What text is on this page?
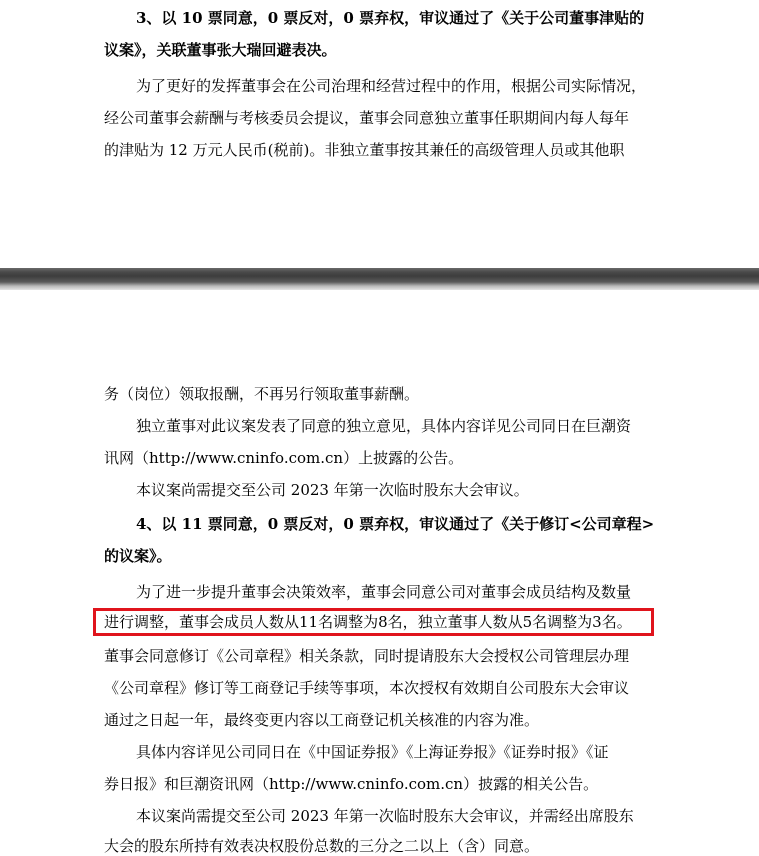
3、以 10 票同意，0 票反对，0 票弃权，审议通过了《关于公司董事津贴的
议案》，关联董事张大瑞回避表决。
为了更好的发挥董事会在公司治理和经营过程中的作用，根据公司实际情况，
经公司董事会薪酬与考核委员会提议，董事会同意独立董事任职期间内每人每年
的津贴为 12 万元人民币(税前)。非独立董事按其兼任的高级管理人员或其他职
务（岗位）领取报酬，不再另行领取董事薪酬。
独立董事对此议案发表了同意的独立意见，具体内容详见公司同日在巨潮资
讯网（http://www.cninfo.com.cn）上披露的公告。
本议案尚需提交至公司 2023 年第一次临时股东大会审议。
4、以 11 票同意，0 票反对，0 票弃权，审议通过了《关于修订<公司章程>
的议案》。
为了进一步提升董事会决策效率，董事会同意公司对董事会成员结构及数量
进行调整，董事会成员人数从11名调整为8名，独立董事人数从5名调整为3名。
董事会同意修订《公司章程》相关条款，同时提请股东大会授权公司管理层办理
《公司章程》修订等工商登记手续等事项，本次授权有效期自公司股东大会审议
通过之日起一年，最终变更内容以工商登记机关核准的内容为准。
具体内容详见公司同日在《中国证券报》《上海证券报》《证券时报》《证
券日报》和巨潮资讯网（http://www.cninfo.com.cn）披露的相关公告。
本议案尚需提交至公司 2023 年第一次临时股东大会审议，并需经出席股东
大会的股东所持有效表决权股份总数的三分之二以上（含）同意。
